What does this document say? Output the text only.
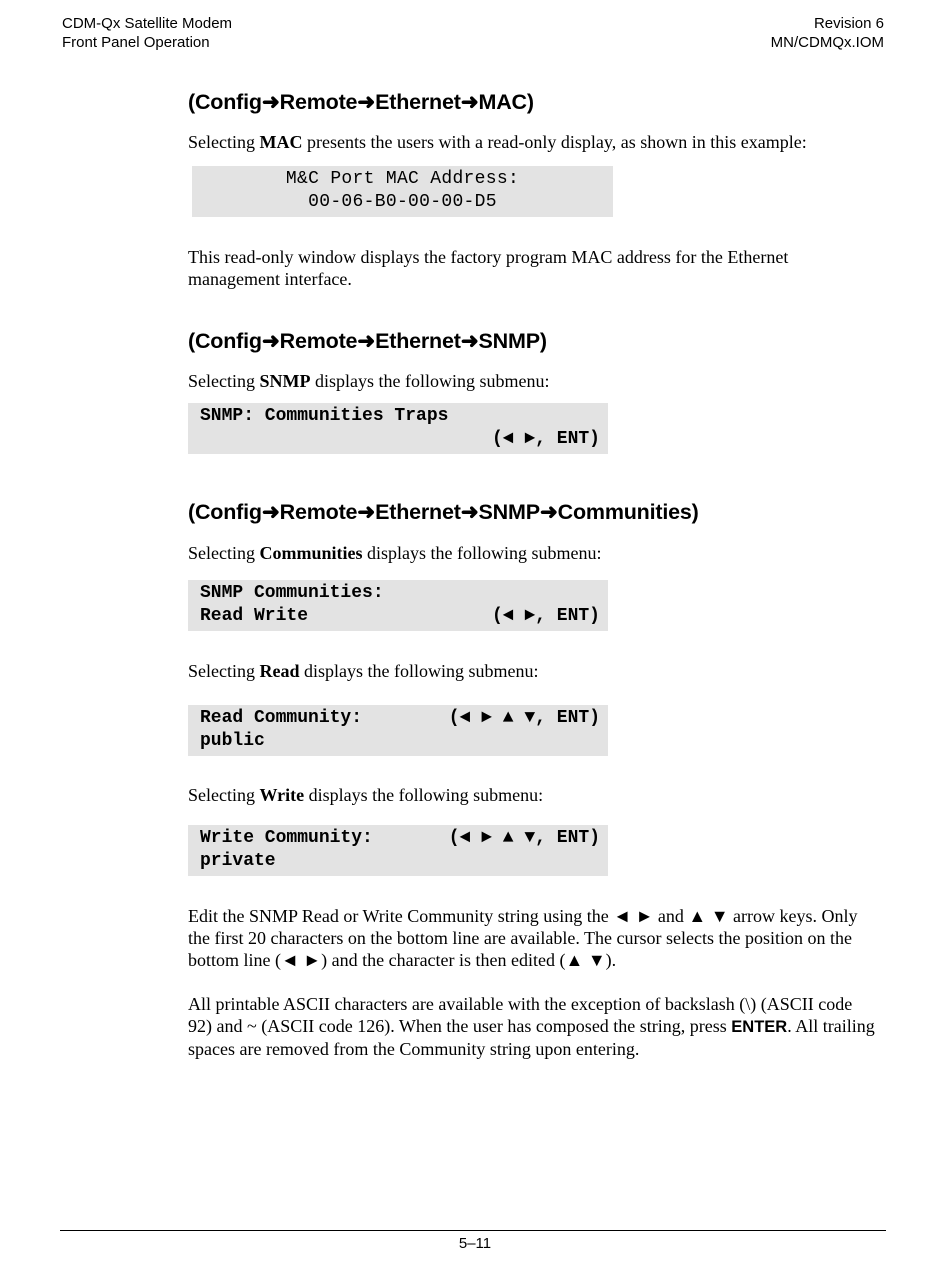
CDM-Qx Satellite Modem
Front Panel Operation
Revision 6
MN/CDMQx.IOM
(Config➜Remote➜Ethernet➜MAC)

Selecting MAC presents the users with a read-only display, as shown in this example:

M&C Port MAC Address:
00-06-B0-00-00-D5

This read-only window displays the factory program MAC address for the Ethernet management interface.

(Config➜Remote➜Ethernet➜SNMP)

Selecting SNMP displays the following submenu:

SNMP: Communities Traps
(◄ ►, ENT)
(Config➜Remote➜Ethernet➜SNMP➜Communities)

Selecting Communities displays the following submenu:

SNMP Communities:
Read Write	(◄ ►, ENT)

Selecting Read displays the following submenu:

Read Community:	(◄ ► ▲ ▼, ENT)
public

Selecting Write displays the following submenu:

Write Community:	(◄ ► ▲ ▼, ENT)
private

Edit the SNMP Read or Write Community string using the ◄ ► and ▲ ▼ arrow keys. Only the first 20 characters on the bottom line are available. The cursor selects the position on the bottom line (◄ ►) and the character is then edited (▲ ▼).

All printable ASCII characters are available with the exception of backslash (\) (ASCII code 92) and ~ (ASCII code 126). When the user has composed the string, press ENTER. All trailing spaces are removed from the Community string upon entering.

5–11
